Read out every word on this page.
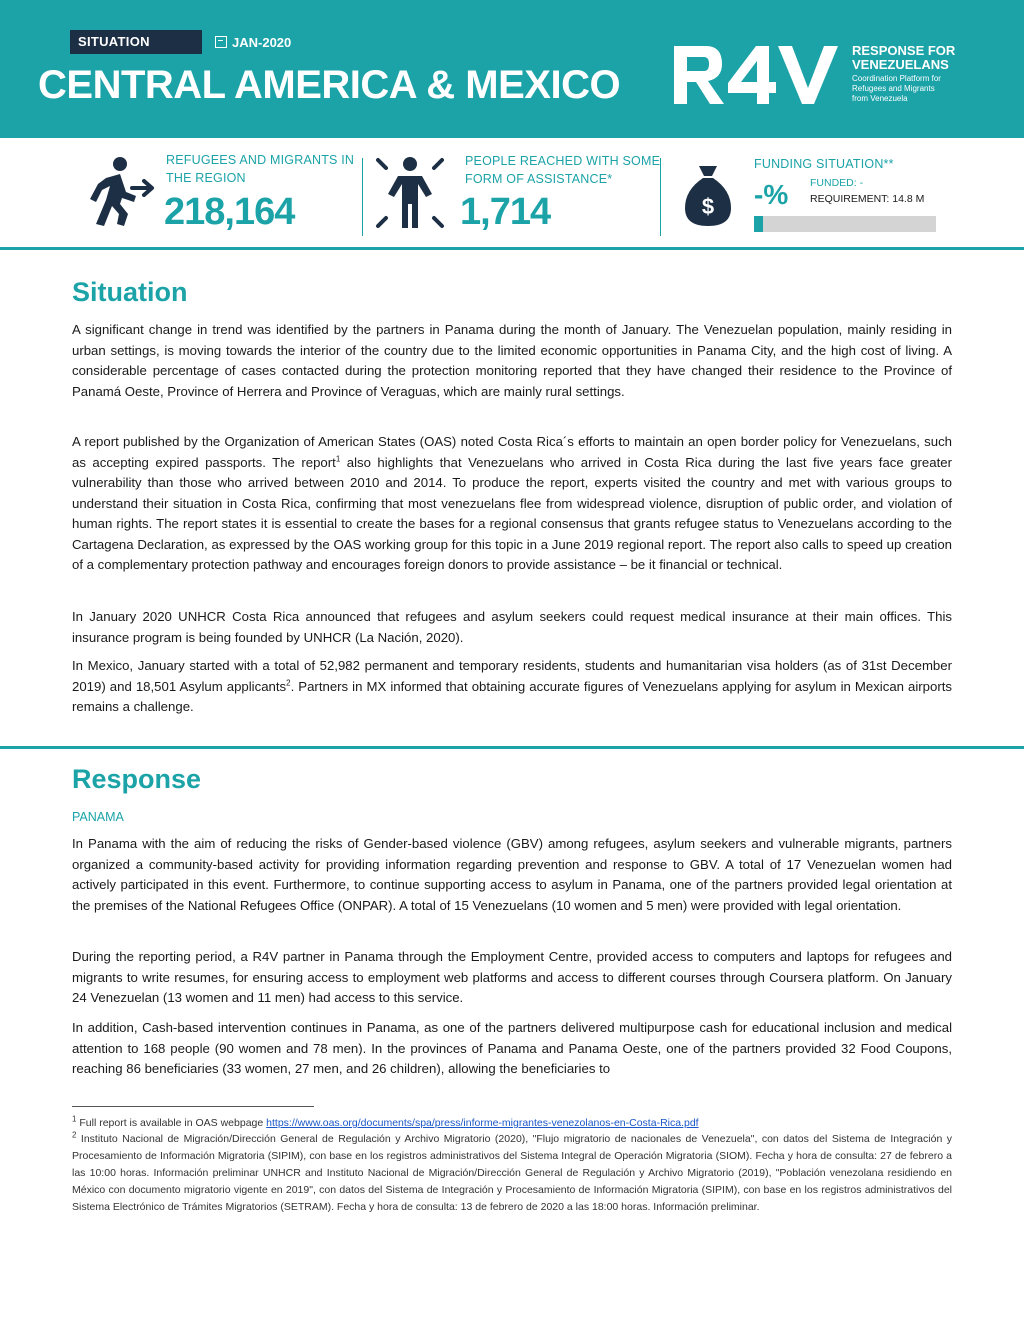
SITUATION	JAN-2020
CENTRAL AMERICA & MEXICO
RESPONSE FOR
VENEZUELANS
Coordination Platform for
Refugees and Migrants
from Venezuela
REFUGEES AND MIGRANTS IN
THE REGION
218,164
PEOPLE REACHED WITH SOME
FORM OF ASSISTANCE*
1,714	$
FUNDING SITUATION**
-% FUNDED: -
REQUIREMENT: 14.8 M
Situation

A significant change in trend was identified by the partners in Panama during the month of January. The Venezuelan population, mainly residing in urban settings, is moving towards the interior of the country due to the limited economic opportunities in Panama City, and the high cost of living. A considerable percentage of cases contacted during the protection monitoring reported that they have changed their residence to the Province of Panamá Oeste, Province of Herrera and Province of Veraguas, which are mainly rural settings.

A report published by the Organization of American States (OAS) noted Costa Rica´s efforts to maintain an open border policy for Venezuelans, such as accepting expired passports. The report$^1$ also highlights that Venezuelans who arrived in Costa Rica during the last five years face greater vulnerability than those who arrived between 2010 and 2014. To produce the report, experts visited the country and met with various groups to understand their situation in Costa Rica, confirming that most venezuelans flee from widespread violence, disruption of public order, and violation of human rights. The report states it is essential to create the bases for a regional consensus that grants refugee status to Venezuelans according to the Cartagena Declaration, as expressed by the OAS working group for this topic in a June 2019 regional report. The report also calls to speed up creation of a complementary protection pathway and encourages foreign donors to provide assistance – be it financial or technical.

In January 2020 UNHCR Costa Rica announced that refugees and asylum seekers could request medical insurance at their main offices. This insurance program is being founded by UNHCR (La Nación, 2020).

In Mexico, January started with a total of 52,982 permanent and temporary residents, students and humanitarian visa holders (as of 31st December 2019) and 18,501 Asylum applicants$^2$. Partners in MX informed that obtaining accurate figures of Venezuelans applying for asylum in Mexican airports remains a challenge.

Response
PANAMA

In Panama with the aim of reducing the risks of Gender-based violence (GBV) among refugees, asylum seekers and vulnerable migrants, partners organized a community-based activity for providing information regarding prevention and response to GBV. A total of 17 Venezuelan women had actively participated in this event. Furthermore, to continue supporting access to asylum in Panama, one of the partners provided legal orientation at the premises of the National Refugees Office (ONPAR). A total of 15 Venezuelans (10 women and 5 men) were provided with legal orientation.

During the reporting period, a R4V partner in Panama through the Employment Centre, provided access to computers and laptops for refugees and migrants to write resumes, for ensuring access to employment web platforms and access to different courses through Coursera platform. On January 24 Venezuelan (13 women and 11 men) had access to this service.

In addition, Cash-based intervention continues in Panama, as one of the partners delivered multipurpose cash for educational inclusion and medical attention to 168 people (90 women and 78 men). In the provinces of Panama and Panama Oeste, one of the partners provided 32 Food Coupons, reaching 86 beneficiaries (33 women, 27 men, and 26 children), allowing the beneficiaries to

$^1$ Full report is available in OAS webpage https://www.oas.org/documents/spa/press/informe-migrantes-venezolanos-en-Costa-Rica.pdf

$^2$ Instituto Nacional de Migración/Dirección General de Regulación y Archivo Migratorio (2020), "Flujo migratorio de nacionales de Venezuela", con datos del Sistema de Integración y Procesamiento de Información Migratoria (SIPIM), con base en los registros administrativos del Sistema Integral de Operación Migratoria (SIOM). Fecha y hora de consulta: 27 de febrero a las 10:00 horas. Información preliminar UNHCR and Instituto Nacional de Migración/Dirección General de Regulación y Archivo Migratorio (2019), "Población venezolana residiendo en México con documento migratorio vigente en 2019", con datos del Sistema de Integración y Procesamiento de Información Migratoria (SIPIM), con base en los registros administrativos del Sistema Electrónico de Trámites Migratorios (SETRAM). Fecha y hora de consulta: 13 de febrero de 2020 a las 18:00 horas. Información preliminar.
